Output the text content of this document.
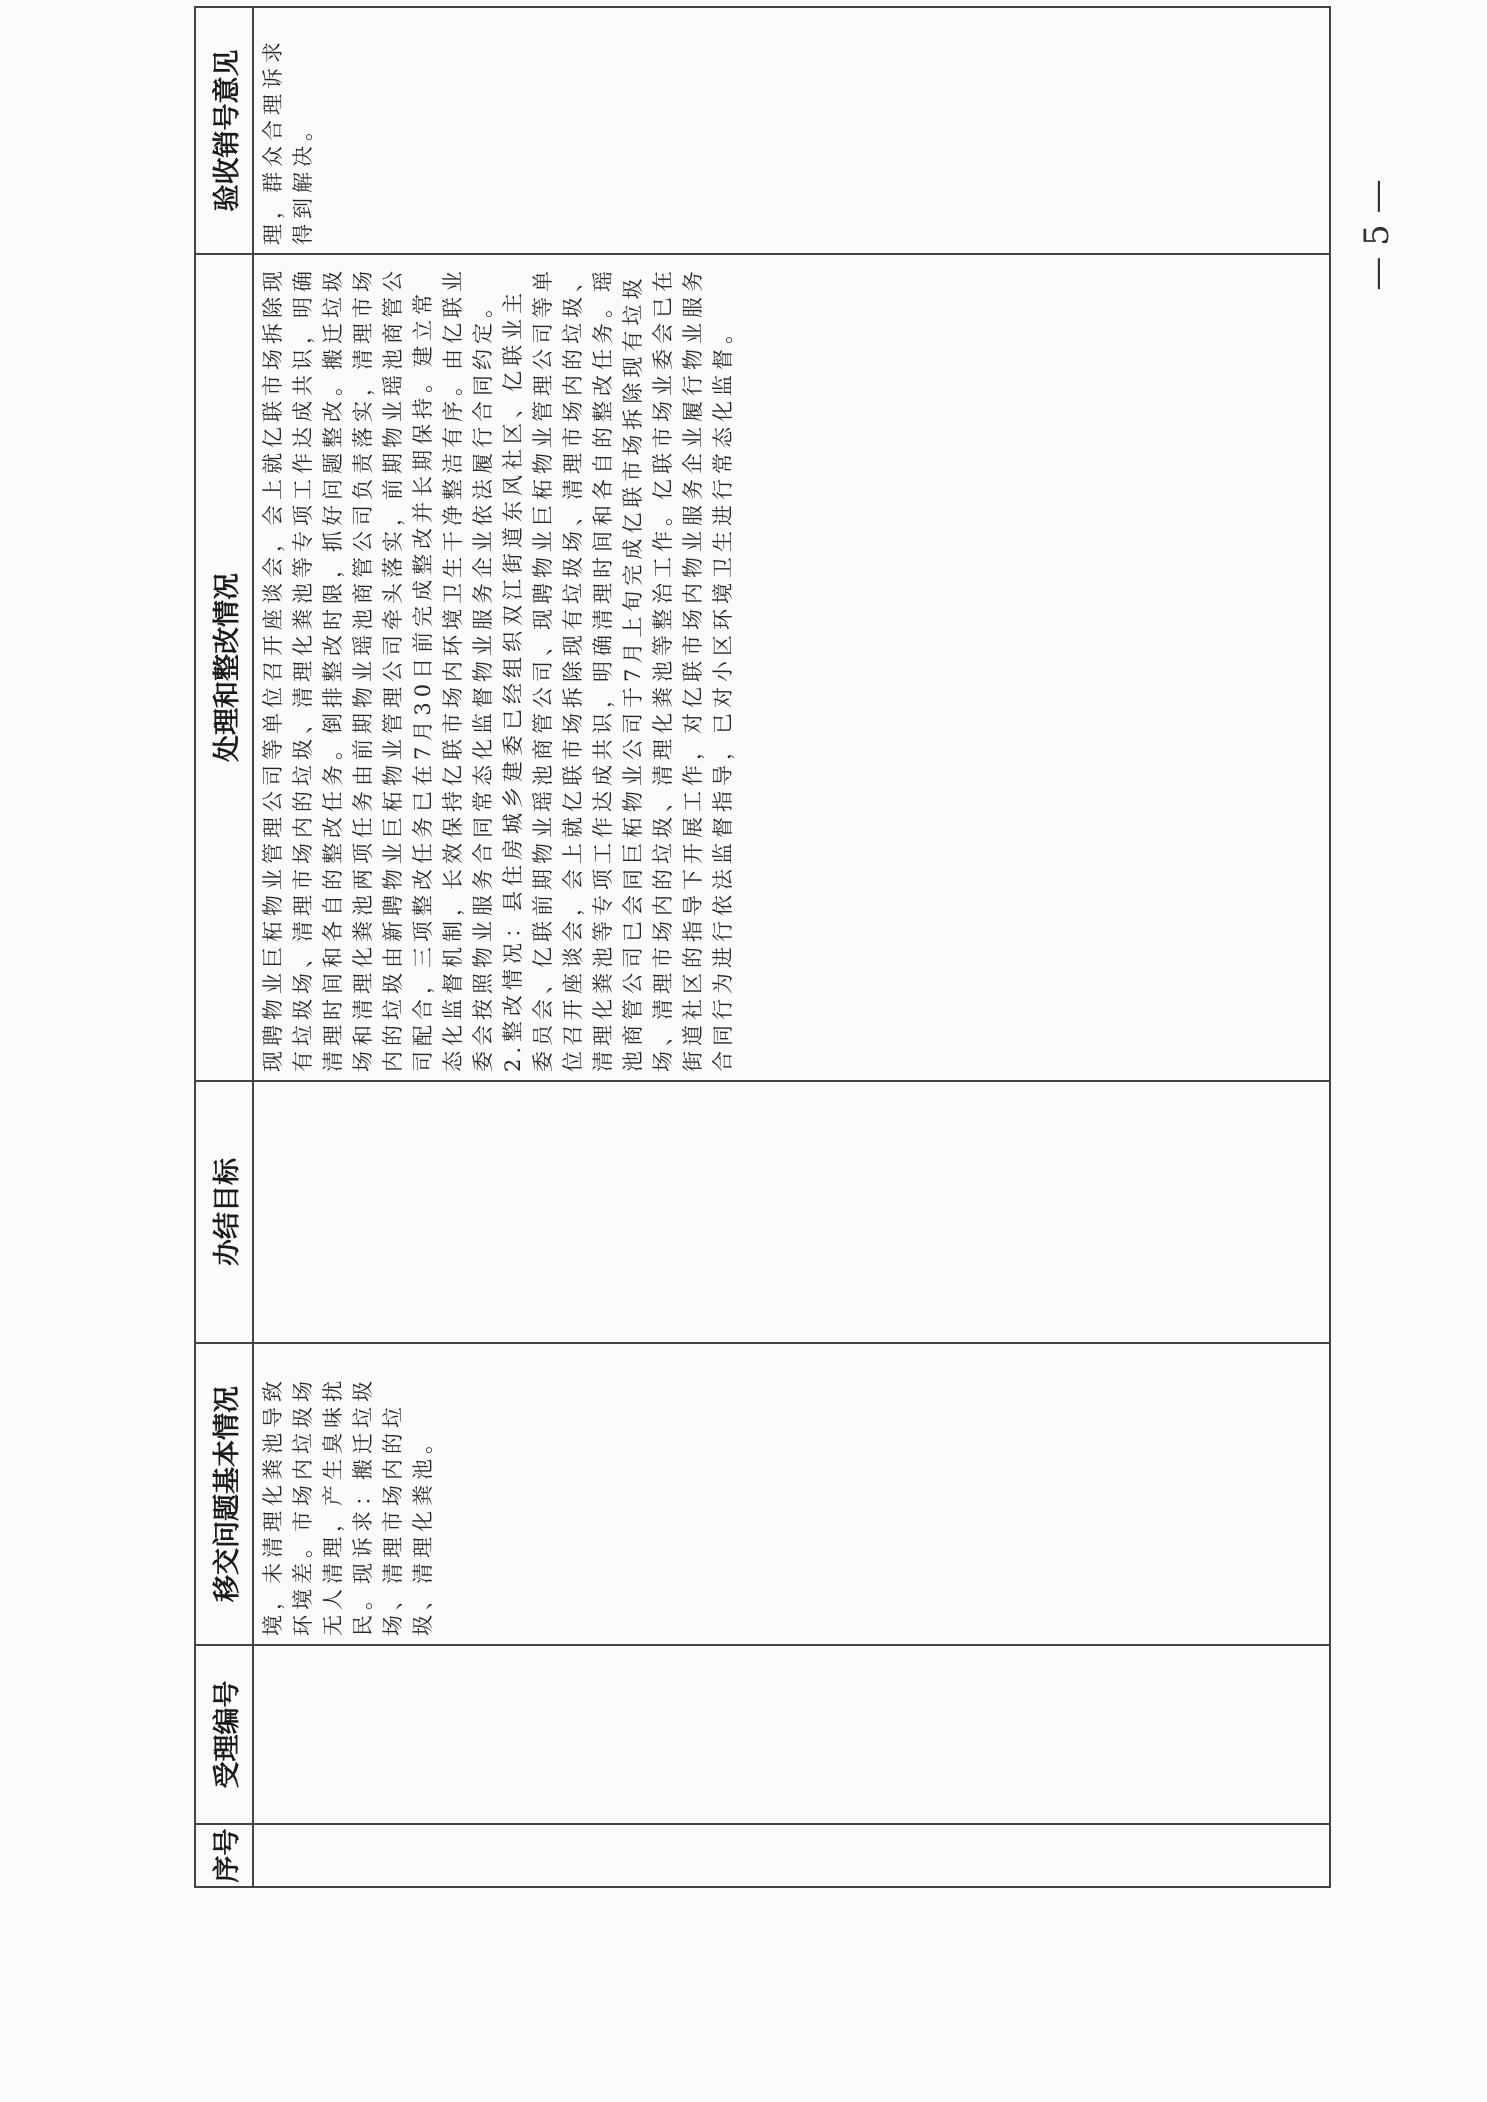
序号	受理编号	移交问题基本情况	办结目标	处理和整改情况	验收销号意见
		境，未清理化粪池导致环境差。市场内垃圾场无人清理，产生臭味扰民。现诉求：搬迁垃圾场、清理市场内的垃圾、清理化粪池。		现聘物业巨柘物业管理公司等单位召开座谈会，会上就亿联市场拆除现有垃圾场、清理市场内的垃圾、清理化粪池等专项工作达成共识，明确清理时间和各自的整改任务。倒排整改时限，抓好问题整改。搬迁垃圾场和清理化粪池两项任务由前期物业瑶池商管公司负责落实，清理市场内的垃圾由新聘物业巨柘物业管理公司牵头落实，前期物业瑶池商管公司配合，三项整改任务已在7月30日前完成整改并长期保持。建立常态化监督机制，长效保持亿联市场内环境卫生干净整洁有序。由亿联业委会按照物业服务合同常态化监督物业服务企业依法履行合同约定。 2.整改情况：县住房城乡建委已经组织双江街道东风社区、亿联业主委员会、亿联前期物业瑶池商管公司、现聘物业巨柘物业管理公司等单位召开座谈会，会上就亿联市场拆除现有垃圾场、清理市场内的垃圾、清理化粪池等专项工作达成共识，明确清理时间和各自的整改任务。瑶池商管公司已会同巨柘物业公司于7月上旬完成亿联市场拆除现有垃圾场、清理市场内的垃圾、清理化粪池等整治工作。亿联市场业委会已在街道社区的指导下开展工作，对亿联市场内物业服务企业履行物业服务合同行为进行依法监督指导，已对小区环境卫生进行常态化监督。	理，群众合理诉求得到解决。	— 5 —
